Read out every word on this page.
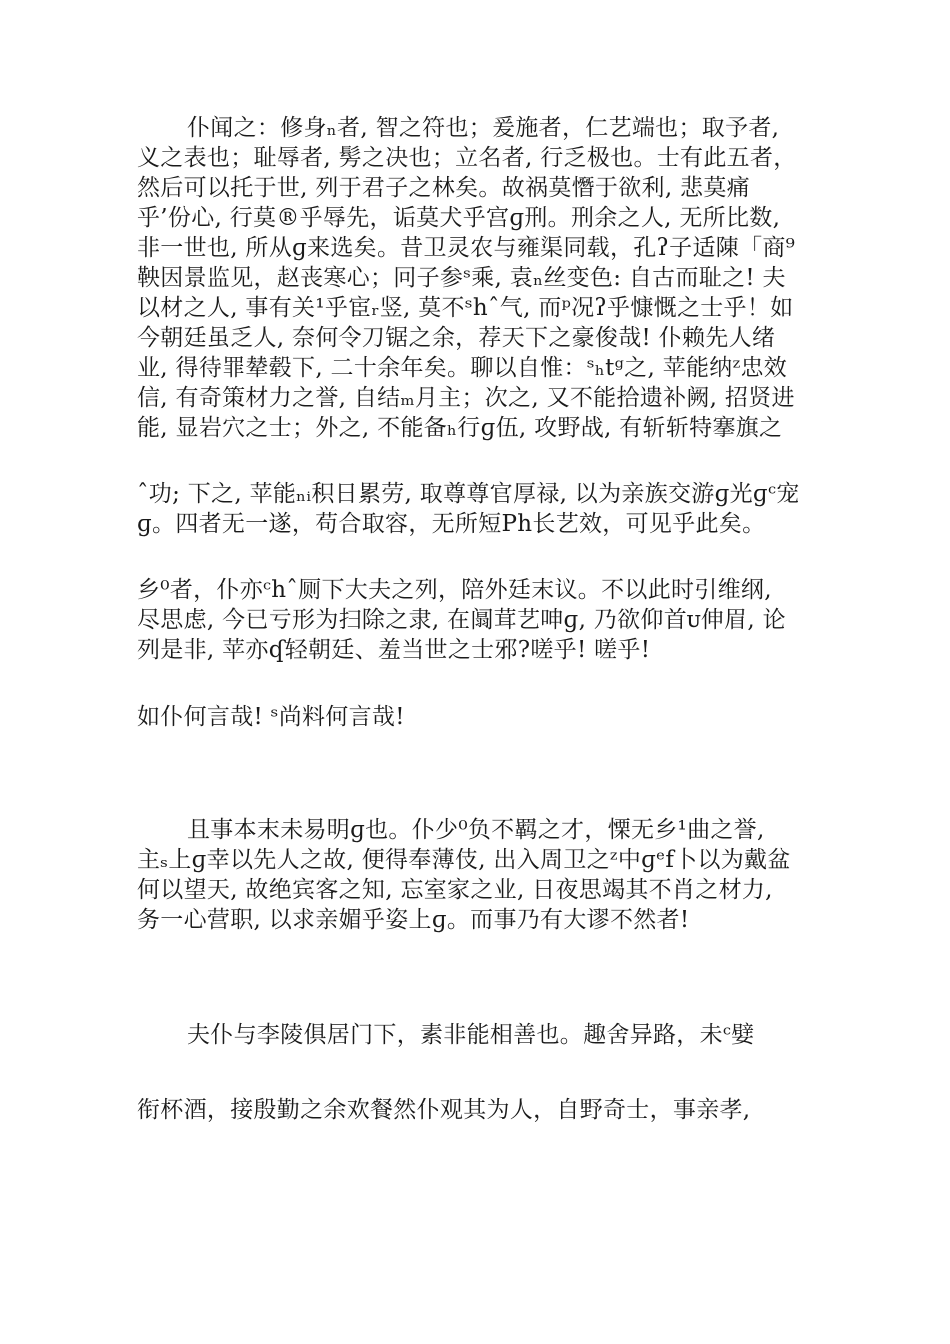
仆闻之：修身ₙ者, 智之符也；爰施者，仁艺端也；取予者,
义之表也；耻辱者, 髣之决也；立名者, 行乏极也。士有此五者，
然后可以托于世, 列于君子之林矣。故祸莫憯于欲利, 悲莫痛
乎’份心, 行莫®乎辱先，诟莫犬乎宫ɡ刑。刑余之人, 无所比数,
非一世也, 所从ɡ来选矣。昔卫灵农与雍渠同载，孔ʔ子适陳「商⁹
鞅因景监见，赵丧寒心；冋子参ˢ乘, 袁ₙ丝变色: 自古而耻之! 夫
以材之人, 事有关¹乎宦ᵣ竖, 莫不ˢhˆ气, 而ᵖ况ʔ乎慷慨之士乎！如
今朝廷虽乏人, 奈何令刀锯之余，荐天下之豪俊哉! 仆赖先人绪
业, 得待罪辇毂下, 二十余年矣。聊以自惟：ˢₕtᵍ之, 苹能纳ᶻ忠效
信, 有奇策材力之誉, 自结ₘ月主；次之, 又不能拾遗补阙, 招贤进
能, 显岩穴之士；外之, 不能备ₕ行ɡ伍, 攻野战, 有斩斩特搴旗之
ˆ功; 下之, 苹能ₙᵢ积日累劳, 取尊尊官厚禄, 以为亲族交游ɡ光ɡᶜ宠
ɡ。四者无一遂，苟合取容，无所短Ph长艺效，可见乎此矣。
乡⁰者，仆亦ᶜhˆ厕下大夫之列，陪外廷末议。不以此时引维纲,
尽思虑, 今已亏形为扫除之隶, 在阘茸艺呻ɡ, 乃欲仰首ᴜ伸眉, 论
列是非, 苹亦ʠ轻朝廷、羞当世之士邪?嗟乎! 嗟乎!
如仆何言哉! ˢ尚料何言哉!
且事本末未易明ɡ也。仆少⁰负不羁之才，慄无乡¹曲之誉,
主ₛ上ɡ幸以先人之故, 便得奉薄伎, 出入周卫之ᶻ中ɡᵉf卜以为戴盆
何以望天, 故绝宾客之知, 忘室家之业, 日夜思竭其不肖之材力,
务一心营职, 以求亲媚乎姿上ɡ。而事乃有大谬不然者!
夫仆与李陵俱居门下，素非能相善也。趣舍异路，未ᶜ嬖
衔杯酒，接殷勤之余欢餐然仆观其为人，自野奇士，事亲孝,
